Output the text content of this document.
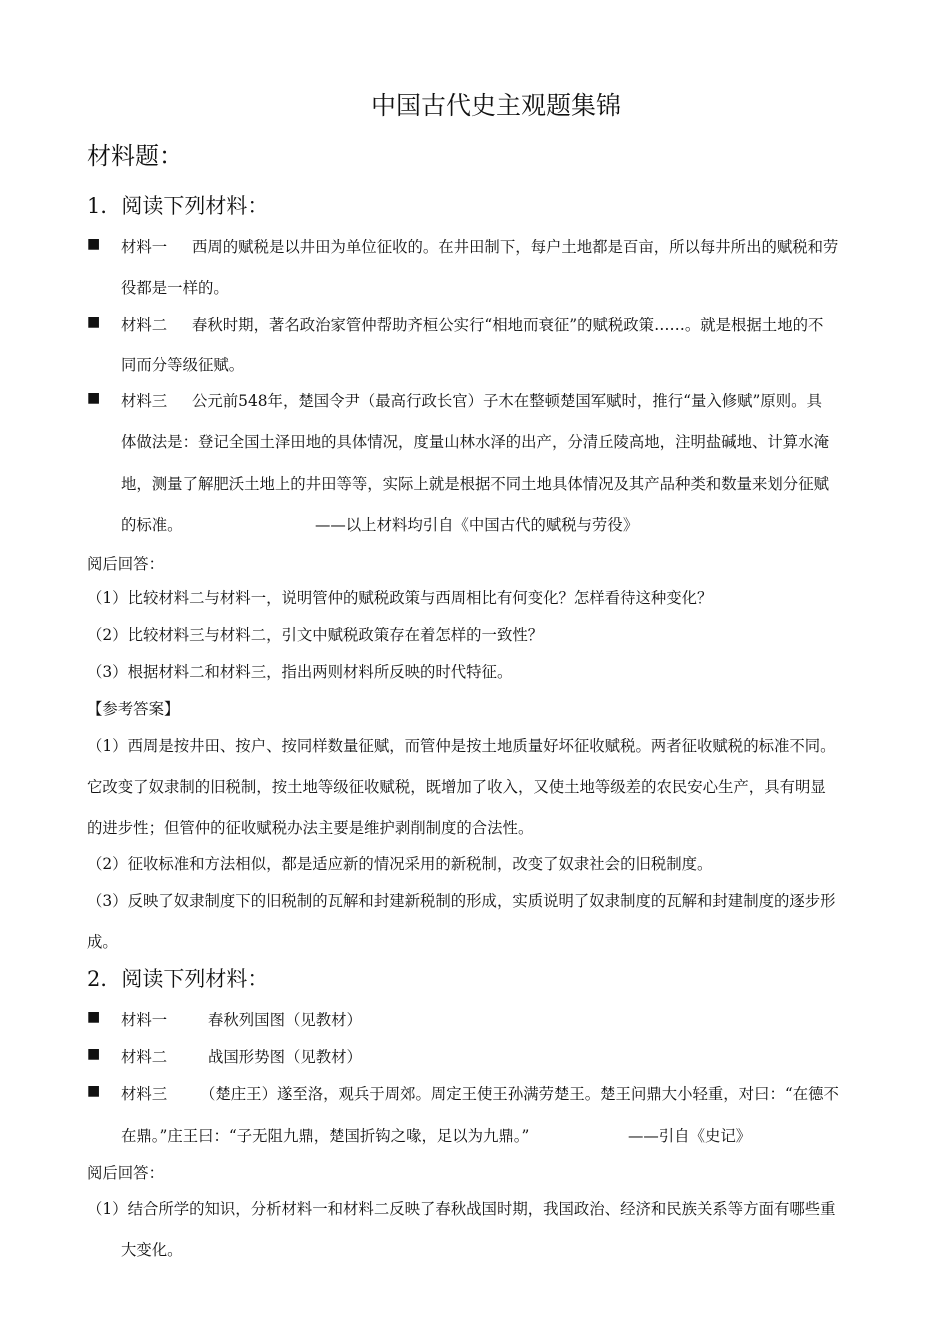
中国古代史主观题集锦
材料题：
1．阅读下列材料：
■ 材料一 西周的赋税是以井田为单位征收的。在井田制下，每户土地都是百亩，所以每井所出的赋税和劳
役都是一样的。
■ 材料二 春秋时期，著名政治家管仲帮助齐桓公实行“相地而衰征”的赋税政策……。就是根据土地的不
同而分等级征赋。
■ 材料三 公元前548年，楚国令尹（最高行政长官）子木在整顿楚国军赋时，推行“量入修赋”原则。具
体做法是：登记全国土泽田地的具体情况，度量山林水泽的出产，分清丘陵高地，注明盐碱地、计算水淹
地，测量了解肥沃土地上的井田等等，实际上就是根据不同土地具体情况及其产品种类和数量来划分征赋
的标准。	——以上材料均引自《中国古代的赋税与劳役》
阅后回答：
（1）比较材料二与材料一，说明管仲的赋税政策与西周相比有何变化？怎样看待这种变化？
（2）比较材料三与材料二，引文中赋税政策存在着怎样的一致性？
（3）根据材料二和材料三，指出两则材料所反映的时代特征。
【参考答案】
（1）西周是按井田、按户、按同样数量征赋，而管仲是按土地质量好坏征收赋税。两者征收赋税的标准不同。
它改变了奴隶制的旧税制，按土地等级征收赋税，既增加了收入，又使土地等级差的农民安心生产，具有明显
的进步性；但管仲的征收赋税办法主要是维护剥削制度的合法性。
（2）征收标准和方法相似，都是适应新的情况采用的新税制，改变了奴隶社会的旧税制度。
（3）反映了奴隶制度下的旧税制的瓦解和封建新税制的形成，实质说明了奴隶制度的瓦解和封建制度的逐步形
成。
2．阅读下列材料：
■ 材料一	春秋列国图（见教材）
■ 材料二	战国形势图（见教材）
■ 材料三 （楚庄王）遂至洛，观兵于周郊。周定王使王孙满劳楚王。楚王问鼎大小轻重，对曰：“在德不
在鼎。”庄王曰：“子无阻九鼎，楚国折钩之喙，足以为九鼎。”	——引自《史记》
阅后回答：
（1）结合所学的知识，分析材料一和材料二反映了春秋战国时期，我国政治、经济和民族关系等方面有哪些重
大变化。
